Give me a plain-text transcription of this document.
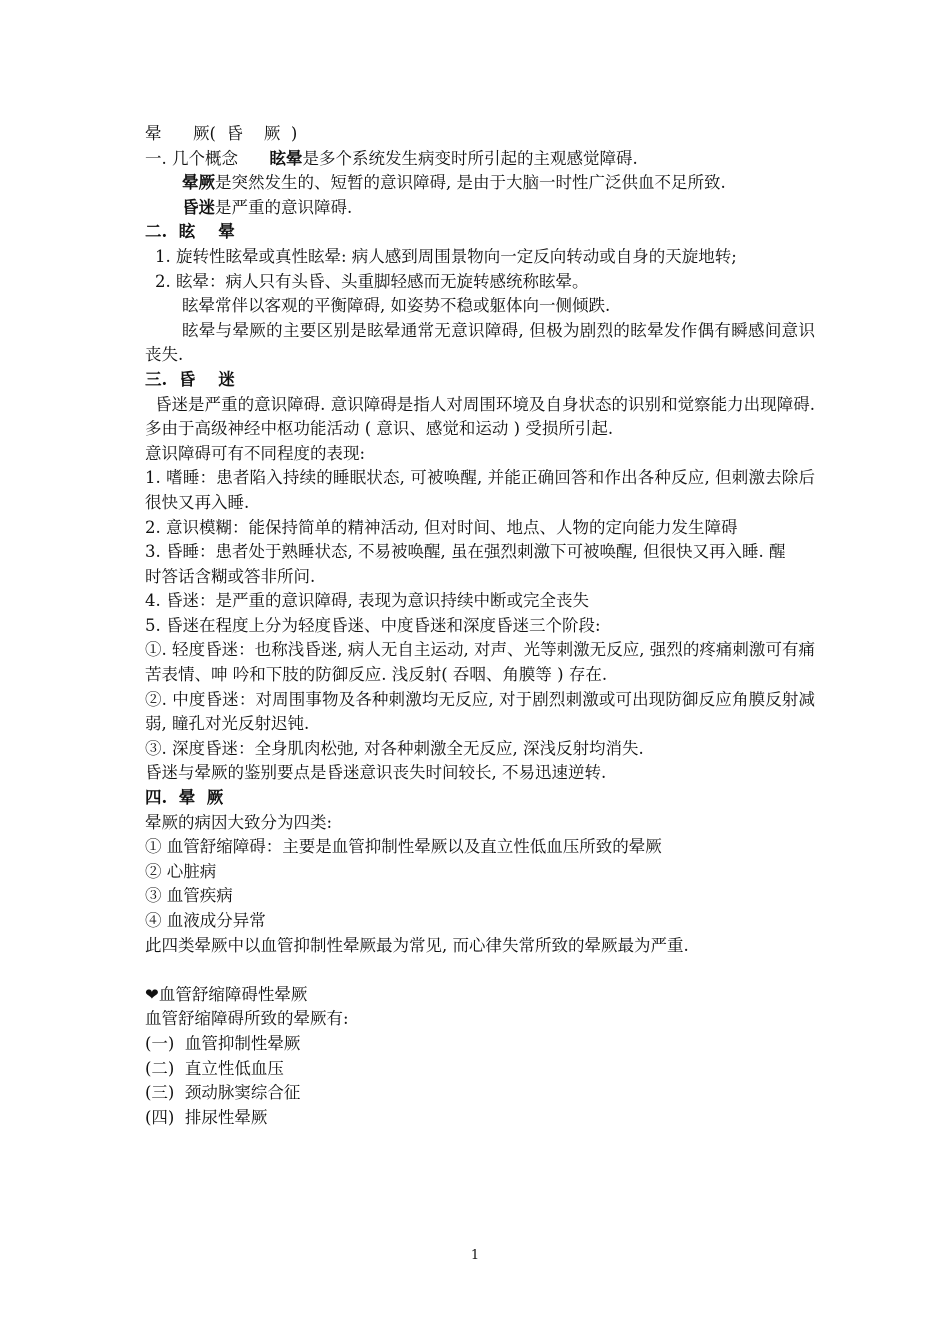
晕      厥(  昏    厥  )
一. 几个概念      眩晕是多个系统发生病变时所引起的主观感觉障碍.
晕厥是突然发生的、短暂的意识障碍, 是由于大脑一时性广泛供血不足所致.
昏迷是严重的意识障碍.
二.  眩    晕
1. 旋转性眩晕或真性眩晕: 病人感到周围景物向一定反向转动或自身的天旋地转;
2. 眩晕：病人只有头昏、头重脚轻感而无旋转感统称眩晕。
眩晕常伴以客观的平衡障碍, 如姿势不稳或躯体向一侧倾跌.
眩晕与晕厥的主要区别是眩晕通常无意识障碍, 但极为剧烈的眩晕发作偶有瞬感间意识丧失.
三.  昏    迷
昏迷是严重的意识障碍. 意识障碍是指人对周围环境及自身状态的识别和觉察能力出现障碍. 多由于高级神经中枢功能活动 ( 意识、感觉和运动 ) 受损所引起.
意识障碍可有不同程度的表现:
1. 嗜睡：患者陷入持续的睡眠状态, 可被唤醒, 并能正确回答和作出各种反应, 但刺激去除后很快又再入睡.
2. 意识模糊：能保持简单的精神活动, 但对时间、地点、人物的定向能力发生障碍
3. 昏睡：患者处于熟睡状态, 不易被唤醒, 虽在强烈刺激下可被唤醒, 但很快又再入睡. 醒
时答话含糊或答非所问.
4. 昏迷：是严重的意识障碍, 表现为意识持续中断或完全丧失
5. 昏迷在程度上分为轻度昏迷、中度昏迷和深度昏迷三个阶段:
①. 轻度昏迷：也称浅昏迷, 病人无自主运动, 对声、光等刺激无反应, 强烈的疼痛刺激可有痛苦表情、呻 吟和下肢的防御反应. 浅反射( 吞咽、角膜等 ) 存在.
②. 中度昏迷：对周围事物及各种刺激均无反应, 对于剧烈刺激或可出现防御反应角膜反射减弱, 瞳孔对光反射迟钝.
③. 深度昏迷：全身肌肉松弛, 对各种刺激全无反应, 深浅反射均消失.
昏迷与晕厥的鉴别要点是昏迷意识丧失时间较长, 不易迅速逆转.
四.  晕  厥
晕厥的病因大致分为四类:
① 血管舒缩障碍：主要是血管抑制性晕厥以及直立性低血压所致的晕厥
② 心脏病
③ 血管疾病
④ 血液成分异常
此四类晕厥中以血管抑制性晕厥最为常见, 而心律失常所致的晕厥最为严重.
❤血管舒缩障碍性晕厥
血管舒缩障碍所致的晕厥有:
(一)  血管抑制性晕厥
(二)  直立性低血压
(三)  颈动脉窦综合征
(四)  排尿性晕厥
1
